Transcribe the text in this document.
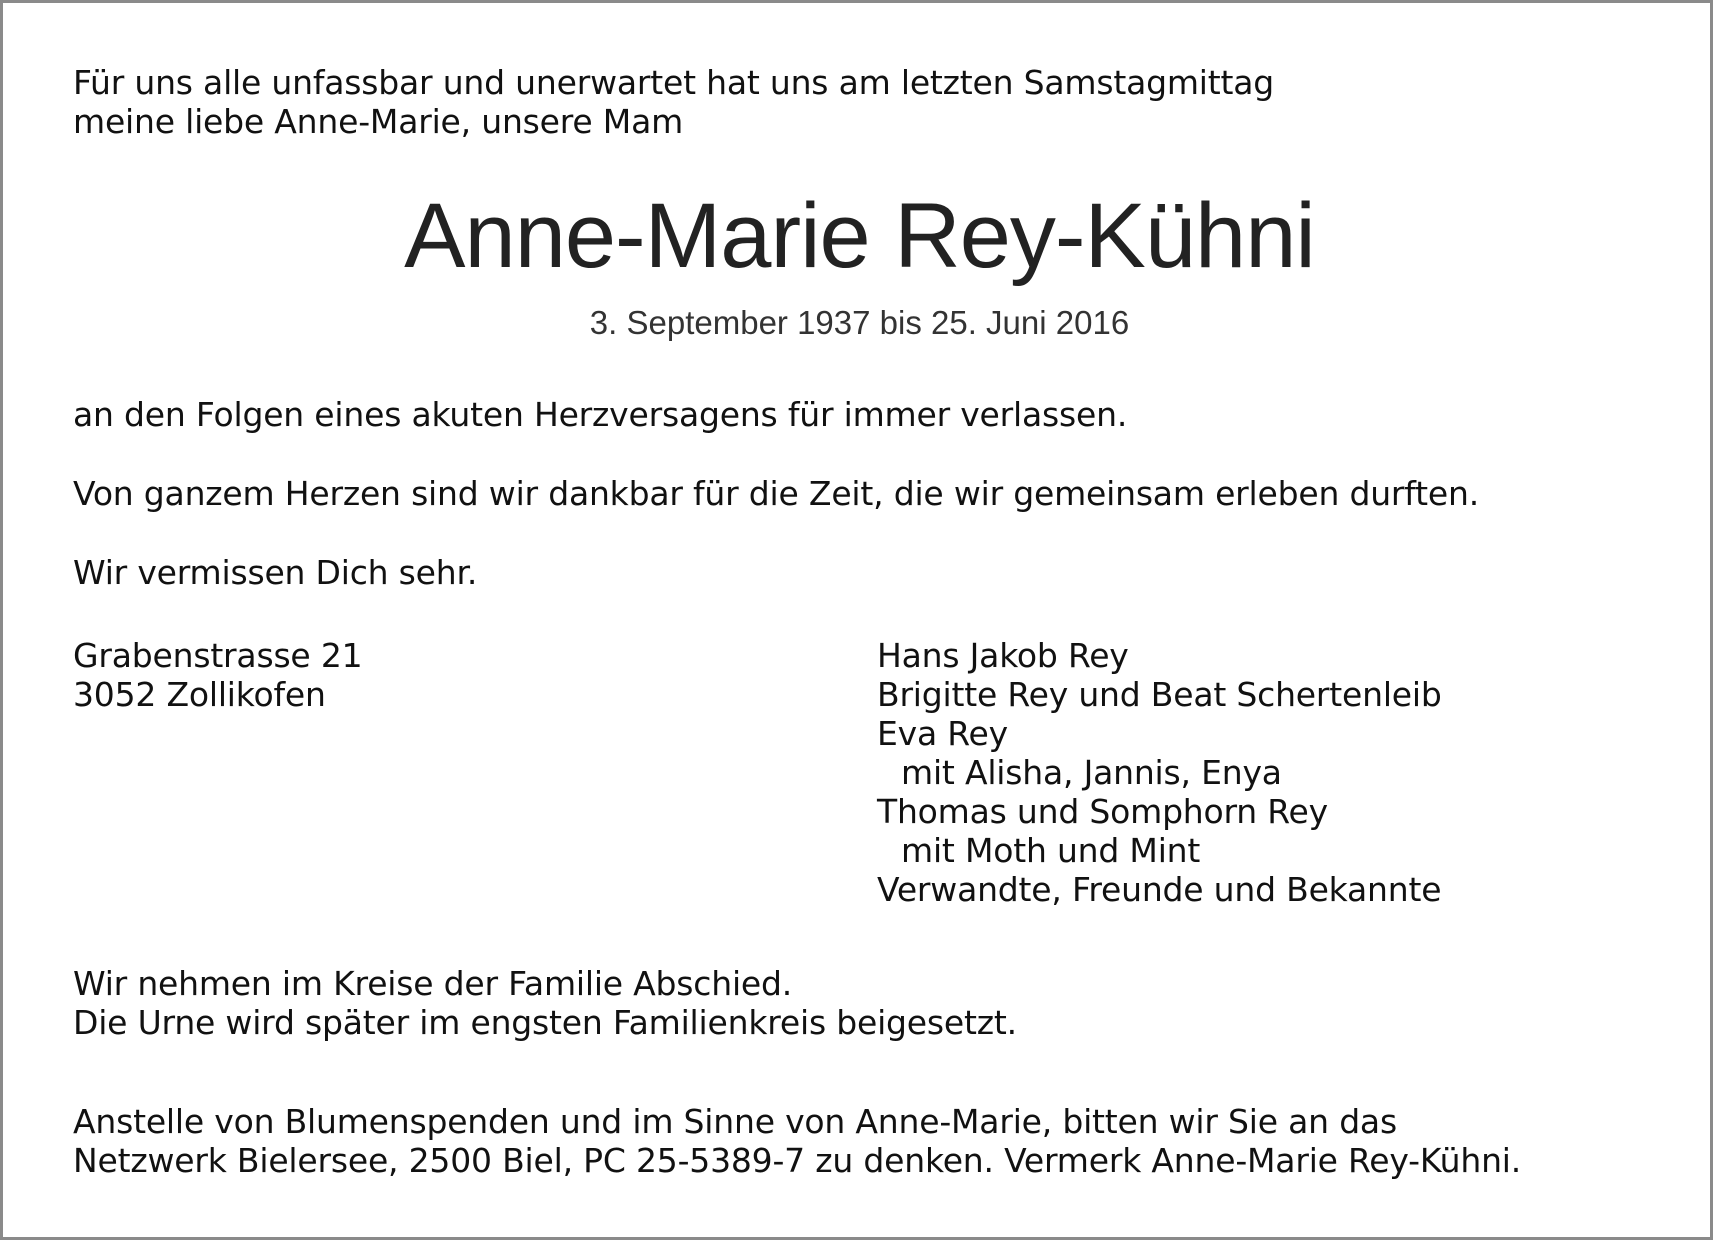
Für uns alle unfassbar und unerwartet hat uns am letzten Samstagmittag
meine liebe Anne-Marie, unsere Mam
Anne-Marie Rey-Kühni
3. September 1937 bis 25. Juni 2016
an den Folgen eines akuten Herzversagens für immer verlassen.
Von ganzem Herzen sind wir dankbar für die Zeit, die wir gemeinsam erleben durften.
Wir vermissen Dich sehr.
Grabenstrasse 21
3052 Zollikofen
Hans Jakob Rey
Brigitte Rey und Beat Schertenleib
Eva Rey
mit Alisha, Jannis, Enya
Thomas und Somphorn Rey
mit Moth und Mint
Verwandte, Freunde und Bekannte
Wir nehmen im Kreise der Familie Abschied.
Die Urne wird später im engsten Familienkreis beigesetzt.
Anstelle von Blumenspenden und im Sinne von Anne-Marie, bitten wir Sie an das
Netzwerk Bielersee, 2500 Biel, PC 25-5389-7 zu denken. Vermerk Anne-Marie Rey-Kühni.
